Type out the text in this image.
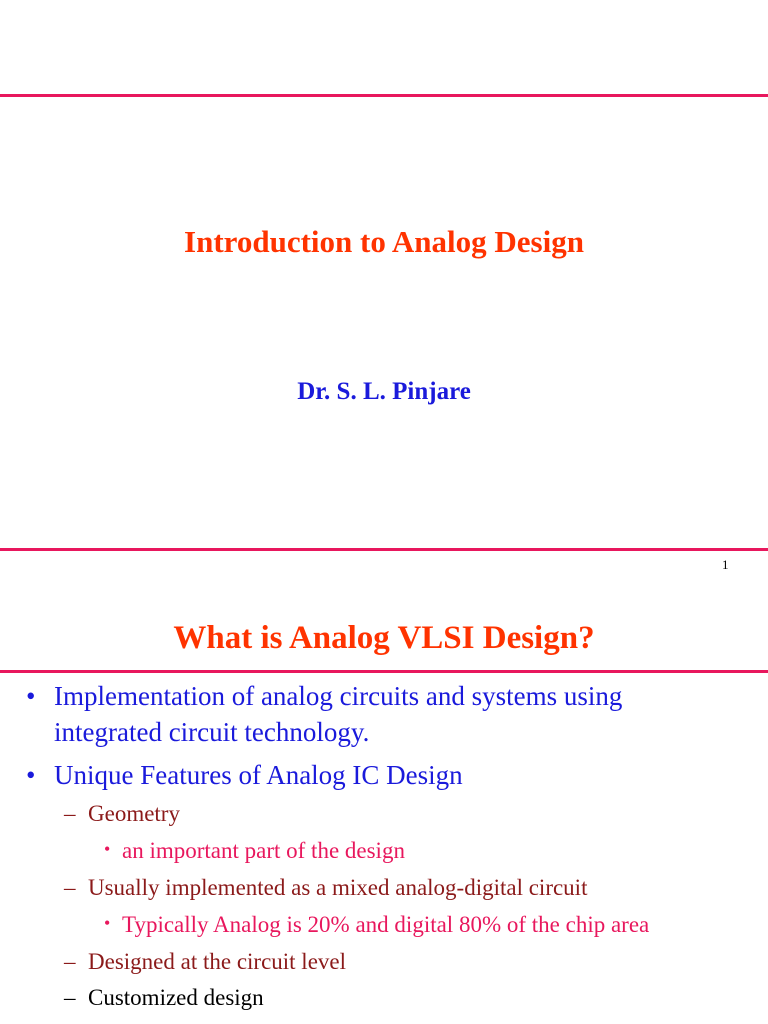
Introduction to Analog Design
Dr. S. L. Pinjare
1
What is Analog VLSI Design?
• Implementation of analog circuits and systems using
integrated circuit technology.
• Unique Features of Analog IC Design
– Geometry
• an important part of the design
– Usually implemented as a mixed analog-digital circuit
• Typically Analog is 20% and digital 80% of the chip area
– Designed at the circuit level
– Customized design
